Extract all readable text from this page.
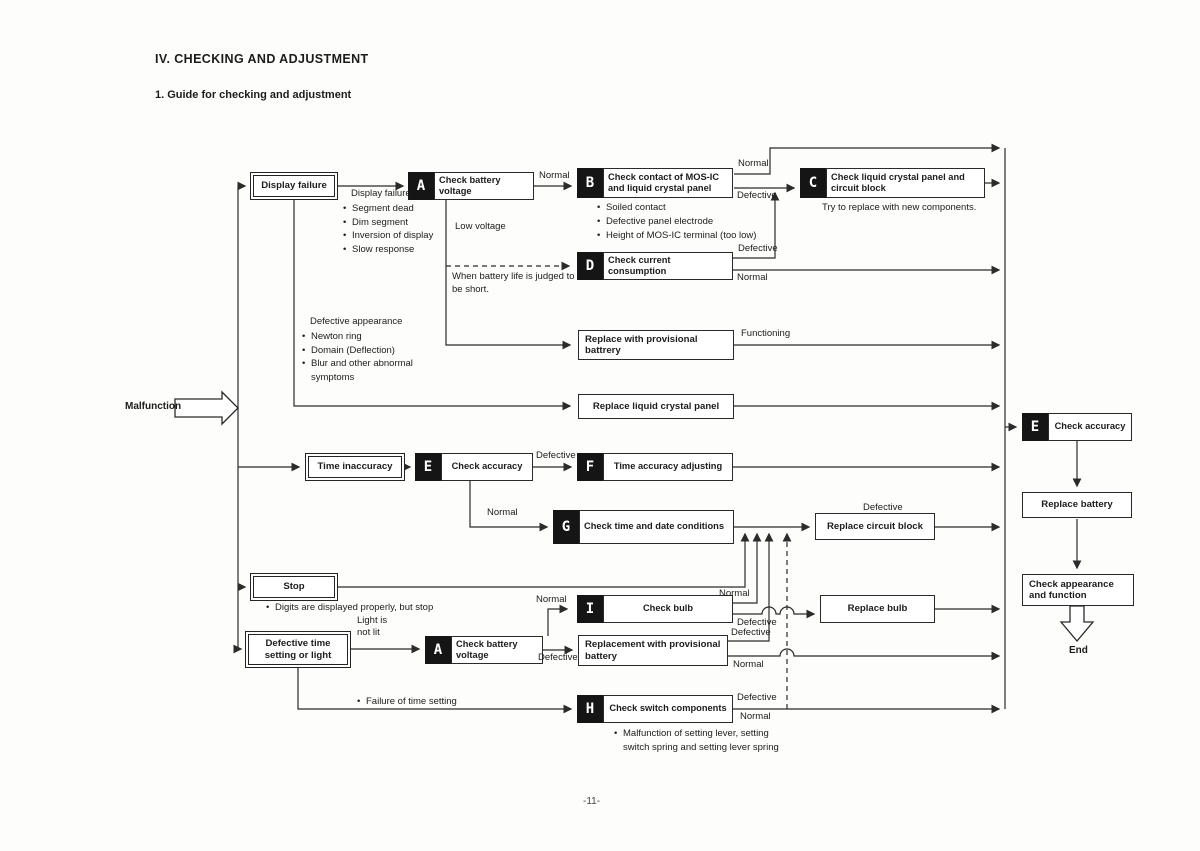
IV. CHECKING AND ADJUSTMENT
1. Guide for checking and adjustment
Malfunction
Display failure
Time inaccuracy
Stop
Defective time setting or light
A	Check battery voltage	B	Check contact of MOS-IC and liquid crystal panel	C	Check liquid crystal panel and circuit block
D	Check current consumption
E	Check accuracy	F	Time accuracy adjusting
G	Check time and date conditions
I	Check bulb
A	Check battery voltage
H	Check switch components
E	Check accuracy
Replace with provisional battrery
Replace liquid crystal panel
Replace circuit block
Replace bulb
Replacement with provisional battery
Replace battery
Check appearance and function
Normal
Low voltage
Normal
Defective
Defective
Normal
Functioning
Defective
Normal	Defective
Normal
Normal
Defective
Defective
Normal
Defective
Light is not lit
Defective
Normal
End
Display failure
• Segment dead
• Dim segment
• Inversion of display
• Slow response
When battery life is judged to be short.
• Soiled contact
• Defective panel electrode
• Height of MOS-IC terminal (too low)
Try to replace with new components.
Defective appearance
• Newton ring
• Domain (Deflection)
• Blur and other abnormal symptoms
• Digits are displayed properly, but stop
• Failure of time setting
• Malfunction of setting lever, setting switch spring and setting lever spring
-11-
